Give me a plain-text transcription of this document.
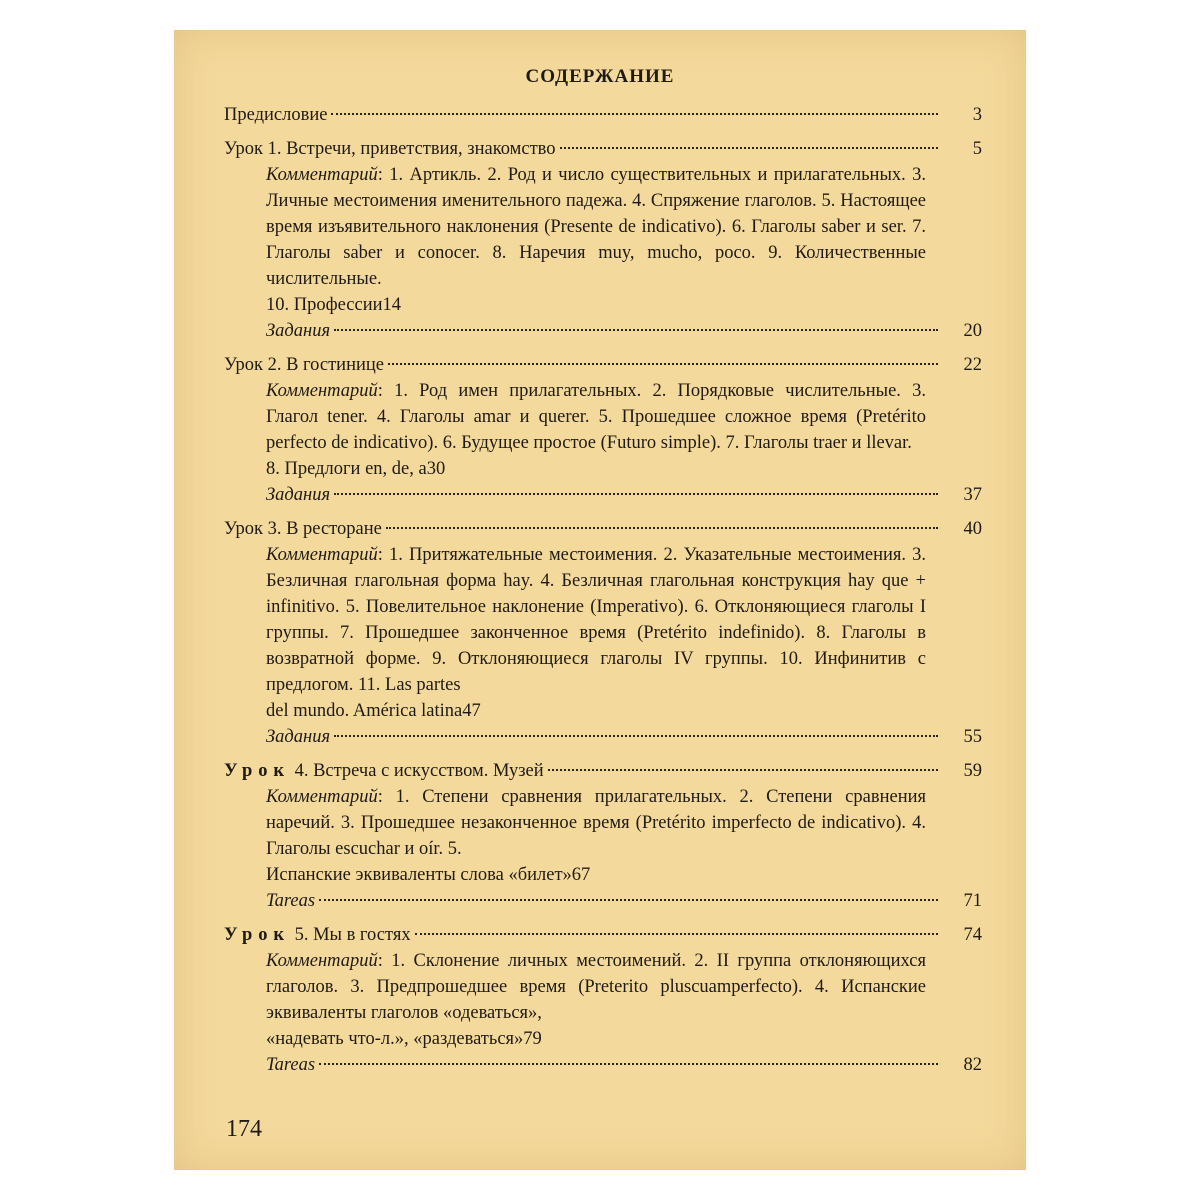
СОДЕРЖАНИЕ
Предисловие	3
Урок 1. Встречи, приветствия, знакомство	5
Комментарий: 1. Артикль. 2. Род и число существительных и прилагательных. 3. Личные местоимения именительного падежа. 4. Спряжение глаголов. 5. Настоящее время изъявительного наклонения (Presente de indicativo). 6. Глаголы saber и ser. 7. Глаголы saber и conocer. 8. Наречия muy, mucho, poco. 9. Количественные числительные.
10. Профессии 14
Задания	20
Урок 2. В гостинице	22
Комментарий: 1. Род имен прилагательных. 2. Порядковые числительные. 3. Глагол tener. 4. Глаголы amar и querer. 5. Прошедшее сложное время (Pretérito perfecto de indicativo). 6. Будущее простое (Futuro simple). 7. Глаголы traer и llevar.
8. Предлоги en, de, a 30
Задания	37
Урок 3. В ресторане	40
Комментарий: 1. Притяжательные местоимения. 2. Указательные местоимения. 3. Безличная глагольная форма hay. 4. Безличная глагольная конструкция hay que + infinitivo. 5. Повелительное наклонение (Imperativo). 6. Отклоняющиеся глаголы I группы. 7. Прошедшее законченное время (Pretérito indefinido). 8. Глаголы в возвратной форме. 9. Отклоняющиеся глаголы IV группы. 10. Инфинитив с предлогом. 11. Las partes
del mundo. América latina 47
Задания	55
Урок 4. Встреча с искусством. Музей	59
Комментарий: 1. Степени сравнения прилагательных. 2. Степени сравнения наречий. 3. Прошедшее незаконченное время (Pretérito imperfecto de indicativo). 4. Глаголы escuchar и oír. 5.
Испанские эквиваленты слова «билет» 67
Tareas	71
Урок 5. Мы в гостях	74
Комментарий: 1. Склонение личных местоимений. 2. II группа отклоняющихся глаголов. 3. Предпрошедшее время (Preterito pluscuamperfecto). 4. Испанские эквиваленты глаголов «одеваться»,
«надевать что-л.», «раздеваться» 79
Tareas	82
174
